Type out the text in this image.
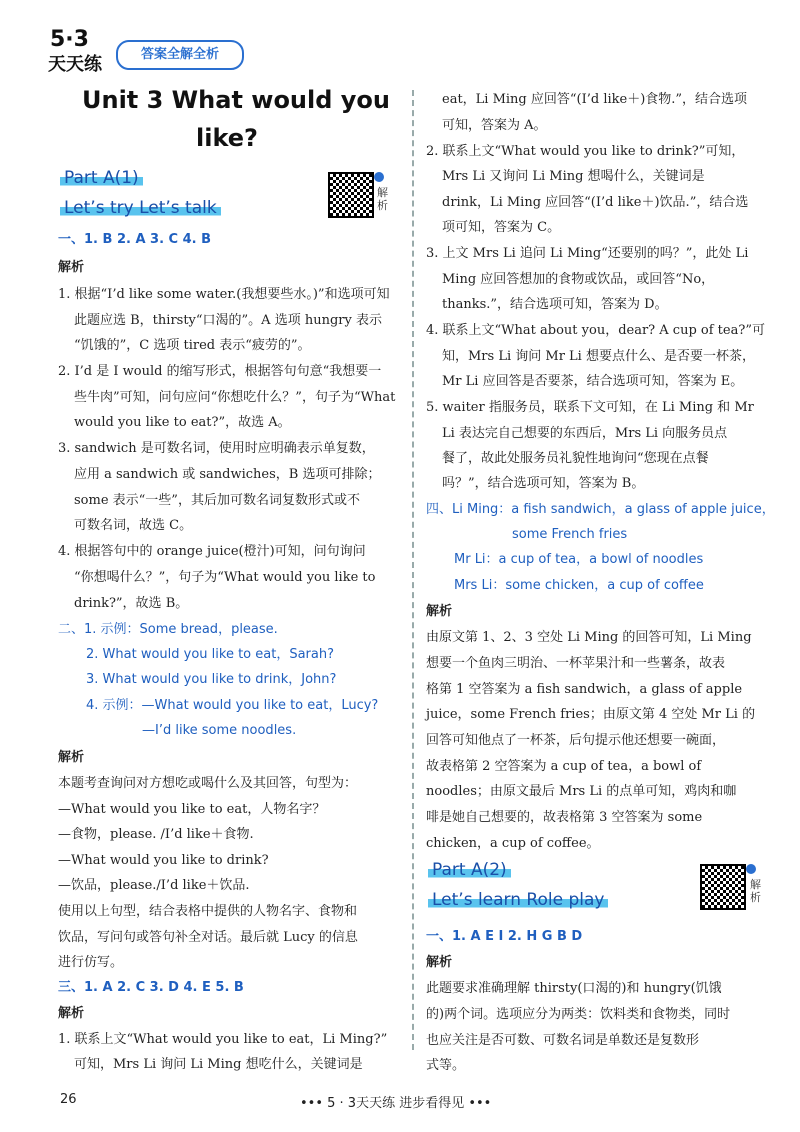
5·3
天天练	答案全解全析
Unit 3 What would you
like?
Part A(1)
Let’s try Let’s talk
解析
一、1. B 2. A 3. C 4. B
解析
1. 根据“I’d like some water.(我想要些水。)”和选项可知
此题应选 B，thirsty“口渴的”。A 选项 hungry 表示
“饥饿的”，C 选项 tired 表示“疲劳的”。
2. I’d 是 I would 的缩写形式，根据答句句意“我想要一
些牛肉”可知，问句应问“你想吃什么？”，句子为“What
would you like to eat?”，故选 A。
3. sandwich 是可数名词，使用时应明确表示单复数，
应用 a sandwich 或 sandwiches，B 选项可排除；
some 表示“一些”，其后加可数名词复数形式或不
可数名词，故选 C。
4. 根据答句中的 orange juice(橙汁)可知，问句询问
“你想喝什么？”，句子为“What would you like to
drink?”，故选 B。
二、1. 示例：Some bread，please.
2. What would you like to eat，Sarah?
3. What would you like to drink，John?
4. 示例：—What would you like to eat，Lucy?
—I’d like some noodles.
解析
本题考查询问对方想吃或喝什么及其回答，句型为：
—What would you like to eat，人物名字？
—食物，please. /I’d like＋食物.
—What would you like to drink?
—饮品，please./I’d like＋饮品.
使用以上句型，结合表格中提供的人物名字、食物和
饮品，写问句或答句补全对话。最后就 Lucy 的信息
进行仿写。
三、1. A 2. C 3. D 4. E 5. B
解析
1. 联系上文“What would you like to eat，Li Ming?”
可知，Mrs Li 询问 Li Ming 想吃什么，关键词是
eat，Li Ming 应回答“(I’d like＋)食物.”，结合选项
可知，答案为 A。
2. 联系上文“What would you like to drink?”可知，
Mrs Li 又询问 Li Ming 想喝什么，关键词是
drink，Li Ming 应回答“(I’d like＋)饮品.”，结合选
项可知，答案为 C。
3. 上文 Mrs Li 追问 Li Ming“还要别的吗？”，此处 Li
Ming 应回答想加的食物或饮品，或回答“No，
thanks.”，结合选项可知，答案为 D。
4. 联系上文“What about you，dear? A cup of tea?”可
知，Mrs Li 询问 Mr Li 想要点什么、是否要一杯茶，
Mr Li 应回答是否要茶，结合选项可知，答案为 E。
5. waiter 指服务员，联系下文可知，在 Li Ming 和 Mr
Li 表达完自己想要的东西后，Mrs Li 向服务员点
餐了，故此处服务员礼貌性地询问“您现在点餐
吗？”，结合选项可知，答案为 B。
四、Li Ming：a fish sandwich，a glass of apple juice，
some French fries
Mr Li：a cup of tea，a bowl of noodles
Mrs Li：some chicken，a cup of coffee
解析
由原文第 1、2、3 空处 Li Ming 的回答可知，Li Ming
想要一个鱼肉三明治、一杯苹果汁和一些薯条，故表
格第 1 空答案为 a fish sandwich，a glass of apple
juice，some French fries；由原文第 4 空处 Mr Li 的
回答可知他点了一杯茶，后句提示他还想要一碗面，
故表格第 2 空答案为 a cup of tea，a bowl of
noodles；由原文最后 Mrs Li 的点单可知，鸡肉和咖
啡是她自己想要的，故表格第 3 空答案为 some
chicken，a cup of coffee。
Part A(2)
Let’s learn Role play
解析
一、1. A E I 2. H G B D
解析
此题要求准确理解 thirsty(口渴的)和 hungry(饥饿
的)两个词。选项应分为两类：饮料类和食物类，同时
也应关注是否可数、可数名词是单数还是复数形
式等。
26	••• 5 · 3天天练 进步看得见 •••
